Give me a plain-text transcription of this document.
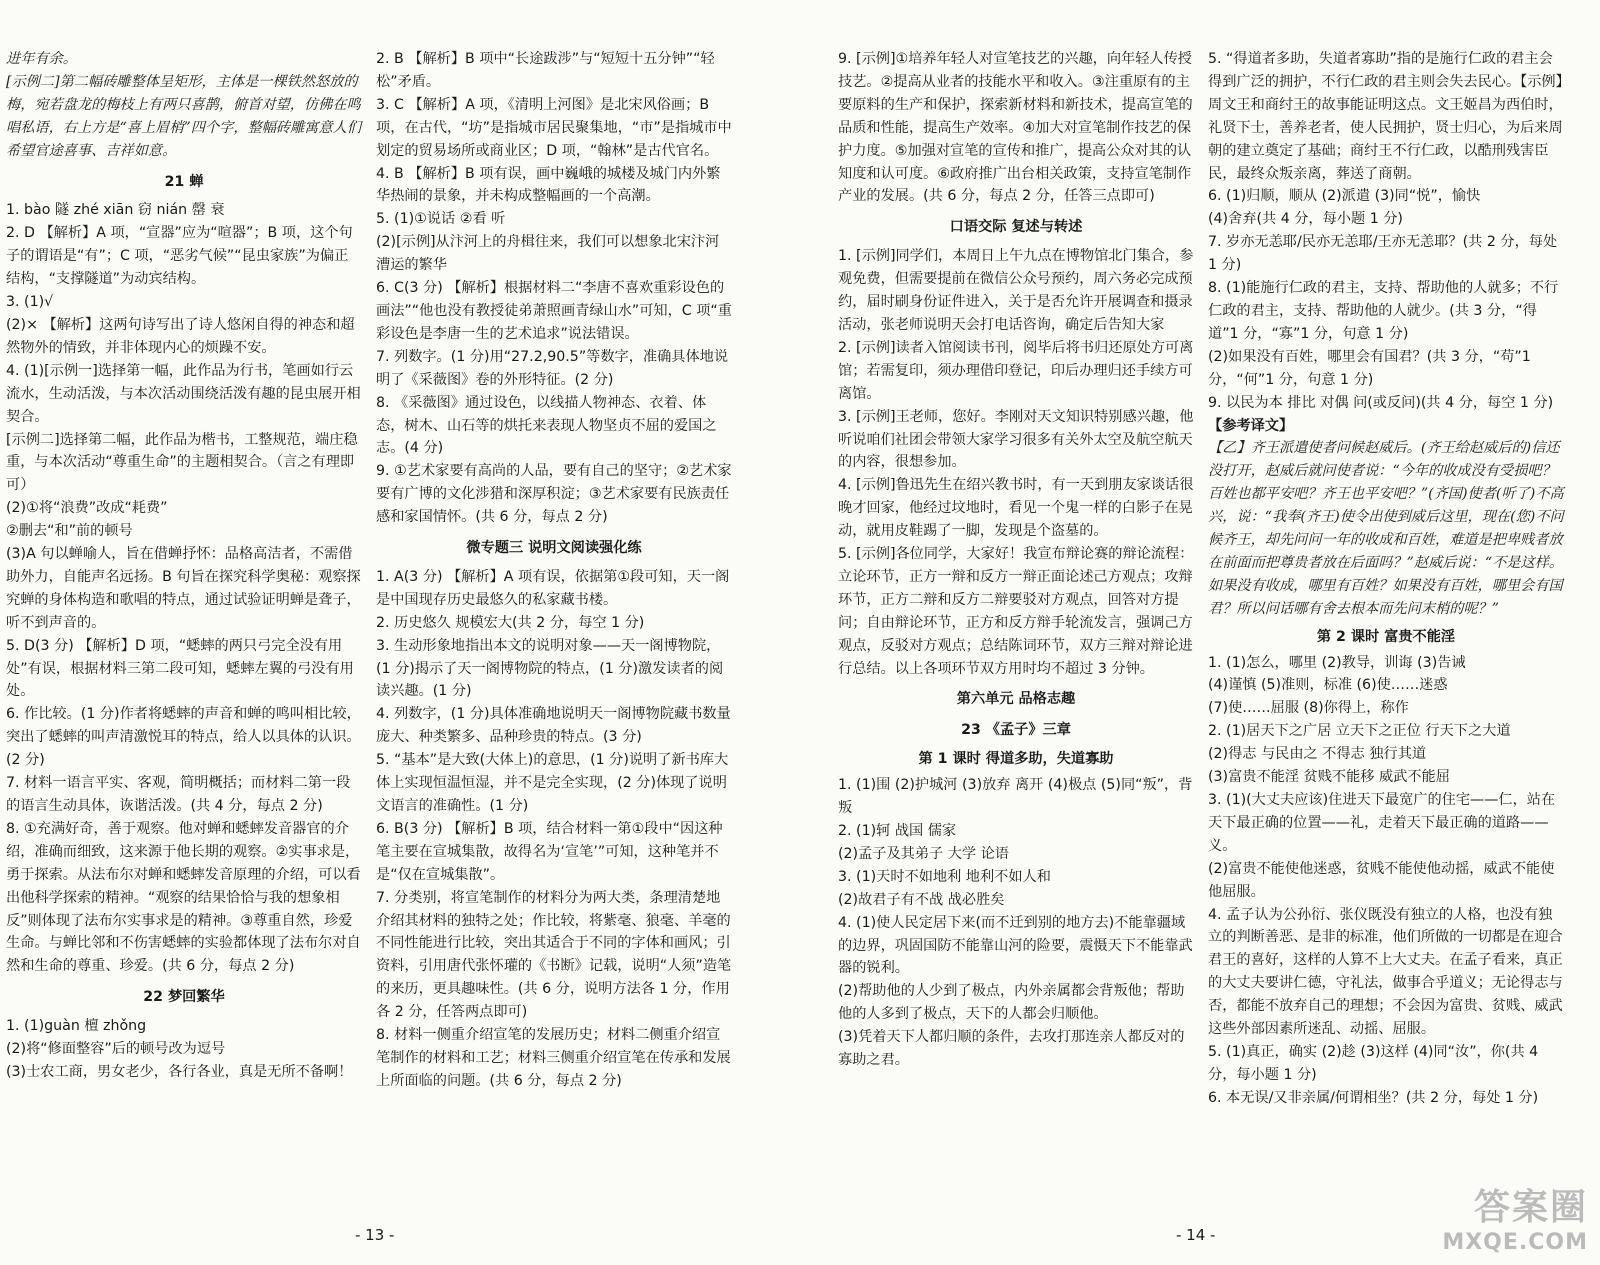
进年有余。

[示例二]第二幅砖雕整体呈矩形，主体是一棵铁然怒放的梅，宛若盘龙的梅枝上有两只喜鹊，俯首对望，仿佛在鸣唱私语，右上方是“喜上眉梢”四个字，整幅砖雕寓意人们希望官途喜事、吉祥如意。

21 蝉

1. bào 隧 zhé xiān 窃 nián 罄 衰

2. D 【解析】A 项，“宣器”应为“喧器”；B 项，这个句子的谓语是“有”；C 项，“恶劣气候”“昆虫家族”为偏正结构，“支撑隧道”为动宾结构。

3. (1)√

(2)× 【解析】这两句诗写出了诗人悠闲自得的神态和超然物外的情致，并非体现内心的烦躁不安。

4. (1)[示例一]选择第一幅，此作品为行书，笔画如行云流水，生动活泼，与本次活动围绕活泼有趣的昆虫展开相契合。

[示例二]选择第二幅，此作品为楷书，工整规范，端庄稳重，与本次活动“尊重生命”的主题相契合。（言之有理即可）

(2)①将“浪费”改成“耗费”

②删去“和”前的顿号

(3)A 句以蝉喻人，旨在借蝉抒怀：品格高洁者，不需借助外力，自能声名远扬。B 句旨在探究科学奥秘：观察探究蝉的身体构造和歌唱的特点，通过试验证明蝉是聋子，听不到声音的。

5. D(3 分) 【解析】D 项，“蟋蟀的两只弓完全没有用处”有误，根据材料三第二段可知，蟋蟀左翼的弓没有用处。

6. 作比较。(1 分)作者将蟋蟀的声音和蝉的鸣叫相比较，突出了蟋蟀的叫声清激悦耳的特点，给人以具体的认识。(2 分)

7. 材料一语言平实、客观，简明概括；而材料二第一段的语言生动具体，诙谐活泼。(共 4 分，每点 2 分)

8. ①充满好奇，善于观察。他对蝉和蟋蟀发音器官的介绍，准确而细致，这来源于他长期的观察。②实事求是，勇于探索。从法布尔对蝉和蟋蟀发音原理的介绍，可以看出他科学探索的精神。“观察的结果恰恰与我的想象相反”则体现了法布尔实事求是的精神。③尊重自然，珍爱生命。与蝉比邻和不伤害蟋蟀的实验都体现了法布尔对自然和生命的尊重、珍爱。(共 6 分，每点 2 分)

22 梦回繁华

1. (1)guàn 檀 zhǒng

(2)将“修面整容”后的顿号改为逗号

(3)士农工商，男女老少，各行各业，真是无所不备啊！

2. B 【解析】B 项中“长途跋涉”与“短短十五分钟”“轻松”矛盾。

3. C 【解析】A 项，《清明上河图》是北宋风俗画；B 项，在古代，“坊”是指城市居民聚集地，“市”是指城市中划定的贸易场所或商业区；D 项，“翰林”是古代官名。

4. B 【解析】B 项有误，画中巍峨的城楼及城门内外繁华热闹的景象，并未构成整幅画的一个高潮。

5. (1)①说话 ②看 听

(2)[示例]从汴河上的舟楫往来，我们可以想象北宋汴河漕运的繁华

6. C(3 分) 【解析】根据材料二“李唐不喜欢重彩设色的画法”“他也没有教授徒弟萧照画青绿山水”可知，C 项“重彩设色是李唐一生的艺术追求”说法错误。

7. 列数字。(1 分)用“27.2,90.5”等数字，准确具体地说明了《采薇图》卷的外形特征。(2 分)

8. 《采薇图》通过设色，以线描人物神态、衣着、体态，树木、山石等的烘托来表现人物坚贞不屈的爱国之志。(4 分)

9. ①艺术家要有高尚的人品，要有自己的坚守；②艺术家要有广博的文化涉猎和深厚积淀；③艺术家要有民族责任感和家国情怀。(共 6 分，每点 2 分)

微专题三 说明文阅读强化练

1. A(3 分) 【解析】A 项有误，依据第①段可知，天一阁是中国现存历史最悠久的私家藏书楼。

2. 历史悠久 规模宏大(共 2 分，每空 1 分)

3. 生动形象地指出本文的说明对象——天一阁博物院，(1 分)揭示了天一阁博物院的特点，(1 分)激发读者的阅读兴趣。(1 分)

4. 列数字，(1 分)具体准确地说明天一阁博物院藏书数量庞大、种类繁多、品种珍贵的特点。(3 分)

5. “基本”是大致(大体上)的意思，(1 分)说明了新书库大体上实现恒温恒湿，并不是完全实现，(2 分)体现了说明文语言的准确性。(1 分)

6. B(3 分) 【解析】B 项，结合材料一第①段中“因这种笔主要在宣城集散，故得名为‘宣笔’”可知，这种笔并不是“仅在宣城集散”。

7. 分类别，将宣笔制作的材料分为两大类，条理清楚地介绍其材料的独特之处；作比较，将紫毫、狼毫、羊毫的不同性能进行比较，突出其适合于不同的字体和画风；引资料，引用唐代张怀瓘的《书断》记载，说明“人须”造笔的来历，更具趣味性。(共 6 分，说明方法各 1 分，作用各 2 分，任答两点即可)

8. 材料一侧重介绍宣笔的发展历史；材料二侧重介绍宣笔制作的材料和工艺；材料三侧重介绍宣笔在传承和发展上所面临的问题。(共 6 分，每点 2 分)

- 13 -

9. [示例]①培养年轻人对宣笔技艺的兴趣，向年轻人传授技艺。②提高从业者的技能水平和收入。③注重原有的主要原料的生产和保护，探索新材料和新技术，提高宣笔的品质和性能，提高生产效率。④加大对宣笔制作技艺的保护力度。⑤加强对宣笔的宣传和推广，提高公众对其的认知度和认可度。⑥政府推广出台相关政策，支持宣笔制作产业的发展。(共 6 分，每点 2 分，任答三点即可)

口语交际 复述与转述

1. [示例]同学们，本周日上午九点在博物馆北门集合，参观免费，但需要提前在微信公众号预约，周六务必完成预约，届时刷身份证件进入，关于是否允许开展调查和摄录活动，张老师说明天会打电话咨询，确定后告知大家

2. [示例]读者入馆阅读书刊，阅毕后将书归还原处方可离馆；若需复印，须办理借印登记，印后办理归还手续方可离馆。

3. [示例]王老师，您好。李刚对天文知识特别感兴趣，他听说咱们社团会带领大家学习很多有关外太空及航空航天的内容，很想参加。

4. [示例]鲁迅先生在绍兴教书时，有一天到朋友家谈话很晚才回家，他经过坟地时，看见一个鬼一样的白影子在晃动，就用皮鞋踢了一脚，发现是个盗墓的。

5. [示例]各位同学，大家好！我宣布辩论赛的辩论流程：立论环节，正方一辩和反方一辩正面论述己方观点；攻辩环节，正方二辩和反方二辩要驳对方观点，回答对方提问；自由辩论环节，正方和反方辩手轮流发言，强调己方观点，反驳对方观点；总结陈词环节，双方三辩对辩论进行总结。以上各项环节双方用时均不超过 3 分钟。

第六单元 品格志趣

23 《孟子》三章

第 1 课时 得道多助，失道寡助

1. (1)围 (2)护城河 (3)放弃 离开 (4)极点 (5)同“叛”，背叛

2. (1)轲 战国 儒家

(2)孟子及其弟子 大学 论语

3. (1)天时不如地利 地利不如人和

(2)故君子有不战 战必胜矣

4. (1)使人民定居下来(而不迁到别的地方去)不能靠疆域的边界，巩固国防不能靠山河的险要，震慑天下不能靠武器的锐利。

(2)帮助他的人少到了极点，内外亲属都会背叛他；帮助他的人多到了极点，天下的人都会归顺他。

(3)凭着天下人都归顺的条件，去攻打那连亲人都反对的寡助之君。

5. “得道者多助，失道者寡助”指的是施行仁政的君主会得到广泛的拥护，不行仁政的君主则会失去民心。【示例】周文王和商纣王的故事能证明这点。文王姬昌为西伯时，礼贤下士，善养老者，使人民拥护，贤士归心，为后来周朝的建立奠定了基础；商纣王不行仁政，以酷刑残害臣民，最终众叛亲离，葬送了商朝。

6. (1)归顺，顺从 (2)派遣 (3)同“悦”，愉快

(4)舍弃(共 4 分，每小题 1 分)

7. 岁亦无恙耶/民亦无恙耶/王亦无恙耶？(共 2 分，每处 1 分)

8. (1)能施行仁政的君主，支持、帮助他的人就多；不行仁政的君主，支持、帮助他的人就少。(共 3 分，“得道”1 分，“寡”1 分，句意 1 分)

(2)如果没有百姓，哪里会有国君？(共 3 分，“苟”1 分，“何”1 分，句意 1 分)

9. 以民为本 排比 对偶 问(或反问)(共 4 分，每空 1 分)

【参考译文】

【乙】齐王派遣使者问候赵威后。(齐王给赵威后的)信还没打开，赵威后就问使者说：“今年的收成没有受损吧？百姓也都平安吧？齐王也平安吧？”(齐国)使者(听了)不高兴，说：“我奉(齐王)使令出使到威后这里，现在(您)不问候齐王，却先问问一年的收成和百姓，难道是把卑贱者放在前面而把尊贵者放在后面吗？”赵威后说：“不是这样。如果没有收成，哪里有百姓？如果没有百姓，哪里会有国君？所以问话哪有舍去根本而先问末梢的呢？”

第 2 课时 富贵不能淫

1. (1)怎么，哪里 (2)教导，训诲 (3)告诫

(4)谨慎 (5)准则，标准 (6)使……迷惑

(7)使……屈服 (8)你得上，称作

2. (1)居天下之广居 立天下之正位 行天下之大道

(2)得志 与民由之 不得志 独行其道

(3)富贵不能淫 贫贱不能移 威武不能屈

3. (1)(大丈夫应该)住进天下最宽广的住宅——仁，站在天下最正确的位置——礼，走着天下最正确的道路——义。

(2)富贵不能使他迷惑，贫贱不能使他动摇，威武不能使他屈服。

4. 孟子认为公孙衍、张仪既没有独立的人格，也没有独立的判断善恶、是非的标准，他们所做的一切都是在迎合君王的喜好，这样的人算不上大丈夫。在孟子看来，真正的大丈夫要讲仁德，守礼法，做事合乎道义；无论得志与否，都能不放弃自己的理想；不会因为富贵、贫贱、威武这些外部因素所迷乱、动摇、屈服。

5. (1)真正，确实 (2)趁 (3)这样 (4)同“汝”，你(共 4 分，每小题 1 分)

6. 本无误/又非亲属/何谓相坐？(共 2 分，每处 1 分)

- 14 -
答案圈
MXQE.COM
